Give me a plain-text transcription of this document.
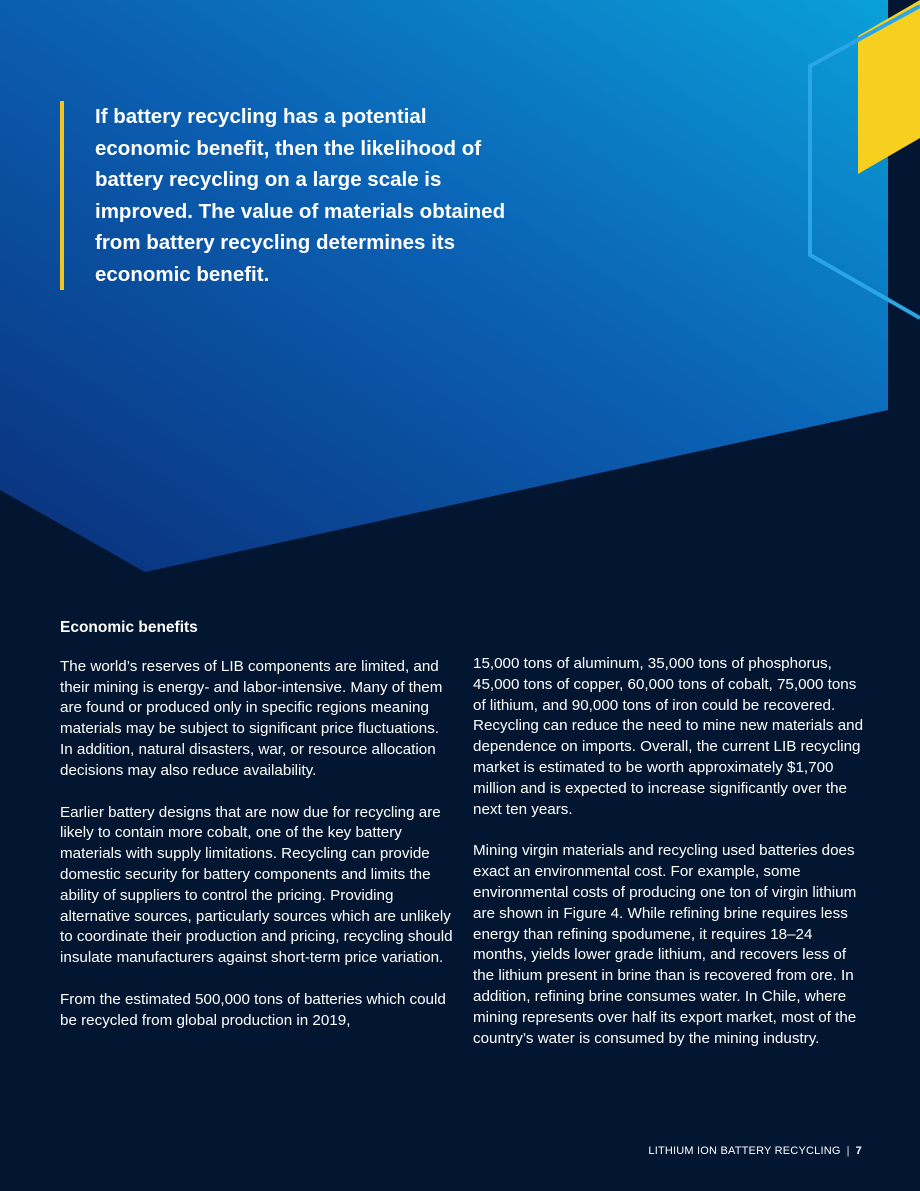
If battery recycling has a potential economic benefit, then the likelihood of battery recycling on a large scale is improved. The value of materials obtained from battery recycling determines its economic benefit.
Economic benefits

The world’s reserves of LIB components are limited, and their mining is energy- and labor-intensive. Many of them are found or produced only in specific regions meaning materials may be subject to significant price fluctuations. In addition, natural disasters, war, or resource allocation decisions may also reduce availability.

Earlier battery designs that are now due for recycling are likely to contain more cobalt, one of the key battery materials with supply limitations. Recycling can provide domestic security for battery components and limits the ability of suppliers to control the pricing. Providing alternative sources, particularly sources which are unlikely to coordinate their production and pricing, recycling should insulate manufacturers against short-term price variation.

From the estimated 500,000 tons of batteries which could be recycled from global production in 2019,

15,000 tons of aluminum, 35,000 tons of phosphorus, 45,000 tons of copper, 60,000 tons of cobalt, 75,000 tons of lithium, and 90,000 tons of iron could be recovered. Recycling can reduce the need to mine new materials and dependence on imports. Overall, the current LIB recycling market is estimated to be worth approximately $1,700 million and is expected to increase significantly over the next ten years.

Mining virgin materials and recycling used batteries does exact an environmental cost. For example, some environmental costs of producing one ton of virgin lithium are shown in Figure 4. While refining brine requires less energy than refining spodumene, it requires 18–24 months, yields lower grade lithium, and recovers less of the lithium present in brine than is recovered from ore. In addition, refining brine consumes water. In Chile, where mining represents over half its export market, most of the country’s water is consumed by the mining industry.

LITHIUM ION BATTERY RECYCLING | 7
